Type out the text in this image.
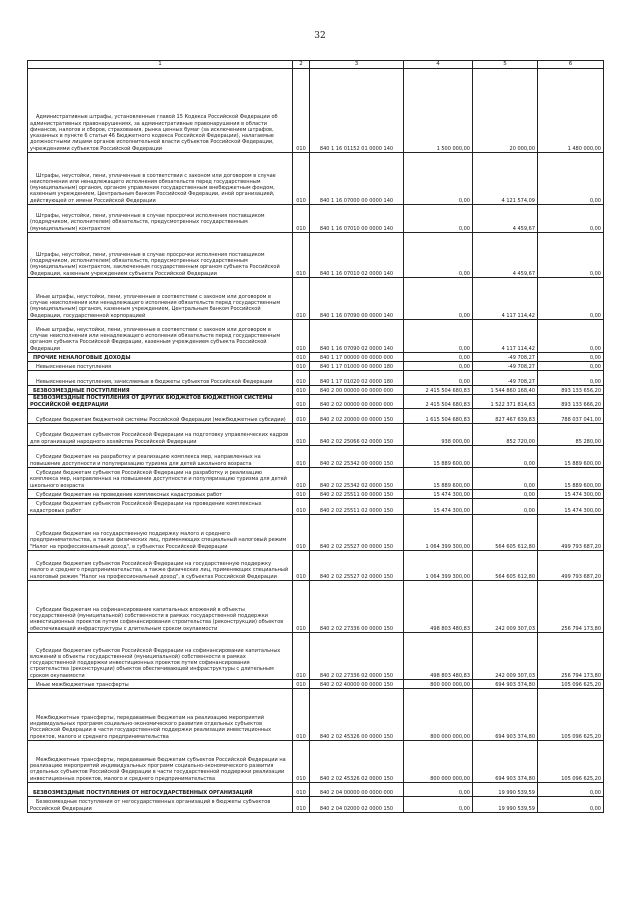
32
1	2	3	4	5	6

Административные штрафы, установленные главой 15 Кодекса Российской Федерации об административных правонарушениях, за административные правонарушения в области финансов, налогов и сборов, страхования, рынка ценных бумаг (за исключением штрафов, указанных в пункте 6 статьи 46 Бюджетного кодекса Российской Федерации), налагаемые должностными лицами органов исполнительной власти субъектов Российской Федерации, учреждениями субъектов Российской Федерации	010	840 1 16 01152 01 0000 140	1 500 000,00	20 000,00	1 480 000,00

Штрафы, неустойки, пени, уплаченные в соответствии с законом или договором в случае неисполнения или ненадлежащего исполнения обязательств перед государственным (муниципальным) органом, органом управления государственным внебюджетным фондом, казенным учреждением, Центральным банком Российской Федерации, иной организацией, действующей от имени Российской Федерации	010	840 1 16 07000 00 0000 140	0,00	4 121 574,09	0,00

Штрафы, неустойки, пени, уплаченные в случае просрочки исполнения поставщиком (подрядчиком, исполнителем) обязательств, предусмотренных государственным (муниципальным) контрактом	010	840 1 16 07010 00 0000 140	0,00	4 459,67	0,00

Штрафы, неустойки, пени, уплаченные в случае просрочки исполнения поставщиком (подрядчиком, исполнителем) обязательств, предусмотренных государственным (муниципальным) контрактом, заключенным государственным органом субъекта Российской Федерации, казенным учреждением субъекта Российской Федерации	010	840 1 16 07010 02 0000 140	0,00	4 459,67	0,00

Иные штрафы, неустойки, пени, уплаченные в соответствии с законом или договором в случае неисполнения или ненадлежащего исполнения обязательств перед государственным (муниципальным) органом, казенным учреждением, Центральным банком Российской Федерации, государственной корпорацией	010	840 1 16 07090 00 0000 140	0,00	4 117 114,42	0,00

Иные штрафы, неустойки, пени, уплаченные в соответствии с законом или договором в случае неисполнения или ненадлежащего исполнения обязательств перед государственным органом субъекта Российской Федерации, казенным учреждением субъекта Российской Федерации	010	840 1 16 07090 02 0000 140	0,00	4 117 114,42	0,00

ПРОЧИЕ НЕНАЛОГОВЫЕ ДОХОДЫ	010	840 1 17 00000 00 0000 000	0,00	-49 708,27	0,00

Невыясненные поступления	010	840 1 17 01000 00 0000 180	0,00	-49 708,27	0,00

Невыясненные поступления, зачисляемые в бюджеты субъектов Российской Федерации	010	840 1 17 01020 02 0000 180	0,00	-49 708,27	0,00

БЕЗВОЗМЕЗДНЫЕ ПОСТУПЛЕНИЯ	010	840 2 00 00000 00 0000 000	2 415 504 680,83	1 544 860 168,40	893 133 656,20

БЕЗВОЗМЕЗДНЫЕ ПОСТУПЛЕНИЯ ОТ ДРУГИХ БЮДЖЕТОВ БЮДЖЕТНОЙ СИСТЕМЫ РОССИЙСКОЙ ФЕДЕРАЦИИ	010	840 2 02 00000 00 0000 000	2 415 504 680,83	1 522 371 814,63	893 133 666,20

Субсидии бюджетам бюджетной системы Российской Федерации (межбюджетные субсидии)	010	840 2 02 20000 00 0000 150	1 615 504 680,83	827 467 639,83	788 037 041,00

Субсидии бюджетам субъектов Российской Федерации на подготовку управленческих кадров для организаций народного хозяйства Российской Федерации	010	840 2 02 25066 02 0000 150	938 000,00	852 720,00	85 280,00

Субсидии бюджетам на разработку и реализацию комплекса мер, направленных на повышение доступности и популяризацию туризма для детей школьного возраста	010	840 2 02 25342 00 0000 150	15 889 600,00	0,00	15 889 600,00

Субсидии бюджетам субъектов Российской Федерации на разработку и реализацию комплекса мер, направленных на повышение доступности и популяризацию туризма для детей школьного возраста	010	840 2 02 25342 02 0000 150	15 889 600,00	0,00	15 889 600,00

Субсидии бюджетам на проведение комплексных кадастровых работ	010	840 2 02 25511 00 0000 150	15 474 300,00	0,00	15 474 300,00

Субсидии бюджетам субъектов Российской Федерации на проведение комплексных кадастровых работ	010	840 2 02 25511 02 0000 150	15 474 300,00	0,00	15 474 300,00

Субсидии бюджетам на государственную поддержку малого и среднего предпринимательства, а также физических лиц, применяющих специальный налоговый режим "Налог на профессиональный доход", в субъектах Российской Федерации	010	840 2 02 25527 00 0000 150	1 064 399 300,00	564 605 612,80	499 793 687,20

Субсидии бюджетам субъектов Российской Федерации на государственную поддержку малого и среднего предпринимательства, а также физических лиц, применяющих специальный налоговый режим "Налог на профессиональный доход", в субъектах Российской Федерации	010	840 2 02 25527 02 0000 150	1 064 399 300,00	564 605 612,80	499 793 687,20

Субсидии бюджетам на софинансирование капитальных вложений в объекты государственной (муниципальной) собственности в рамках государственной поддержки инвестиционных проектов путем софинансирования строительства (реконструкции) объектов обеспечивающей инфраструктуры с длительным сроком окупаемости	010	840 2 02 27336 00 0000 150	498 803 480,83	242 009 307,03	256 794 173,80

Субсидии бюджетам субъектов Российской Федерации на софинансирование капитальных вложений в объекты государственной (муниципальной) собственности в рамках государственной поддержки инвестиционных проектов путем софинансирования строительства (реконструкции) объектов обеспечивающей инфраструктуры с длительным сроком окупаемости	010	840 2 02 27336 02 0000 150	498 803 480,83	242 009 307,03	256 794 173,80

Иные межбюджетные трансферты	010	840 2 02 40000 00 0000 150	800 000 000,00	694 903 374,80	105 096 625,20

Межбюджетные трансферты, передаваемые бюджетам на реализацию мероприятий индивидуальных программ социально-экономического развития отдельных субъектов Российской Федерации в части государственной поддержки реализации инвестиционных проектов, малого и среднего предпринимательства	010	840 2 02 45326 00 0000 150	800 000 000,00	694 903 374,80	105 096 625,20

Межбюджетные трансферты, передаваемые бюджетам субъектов Российской Федерации на реализацию мероприятий индивидуальных программ социально-экономического развития отдельных субъектов Российской Федерации в части государственной поддержки реализации инвестиционных проектов, малого и среднего предпринимательства	010	840 2 02 45326 02 0000 150	800 000 000,00	694 903 374,80	105 096 625,20

БЕЗВОЗМЕЗДНЫЕ ПОСТУПЛЕНИЯ ОТ НЕГОСУДАРСТВЕННЫХ ОРГАНИЗАЦИЙ	010	840 2 04 00000 00 0000 000	0,00	19 990 539,59	0,00

Безвозмездные поступления от негосударственных организаций в бюджеты субъектов Российской Федерации	010	840 2 04 02000 02 0000 150	0,00	19 990 539,59	0,00
